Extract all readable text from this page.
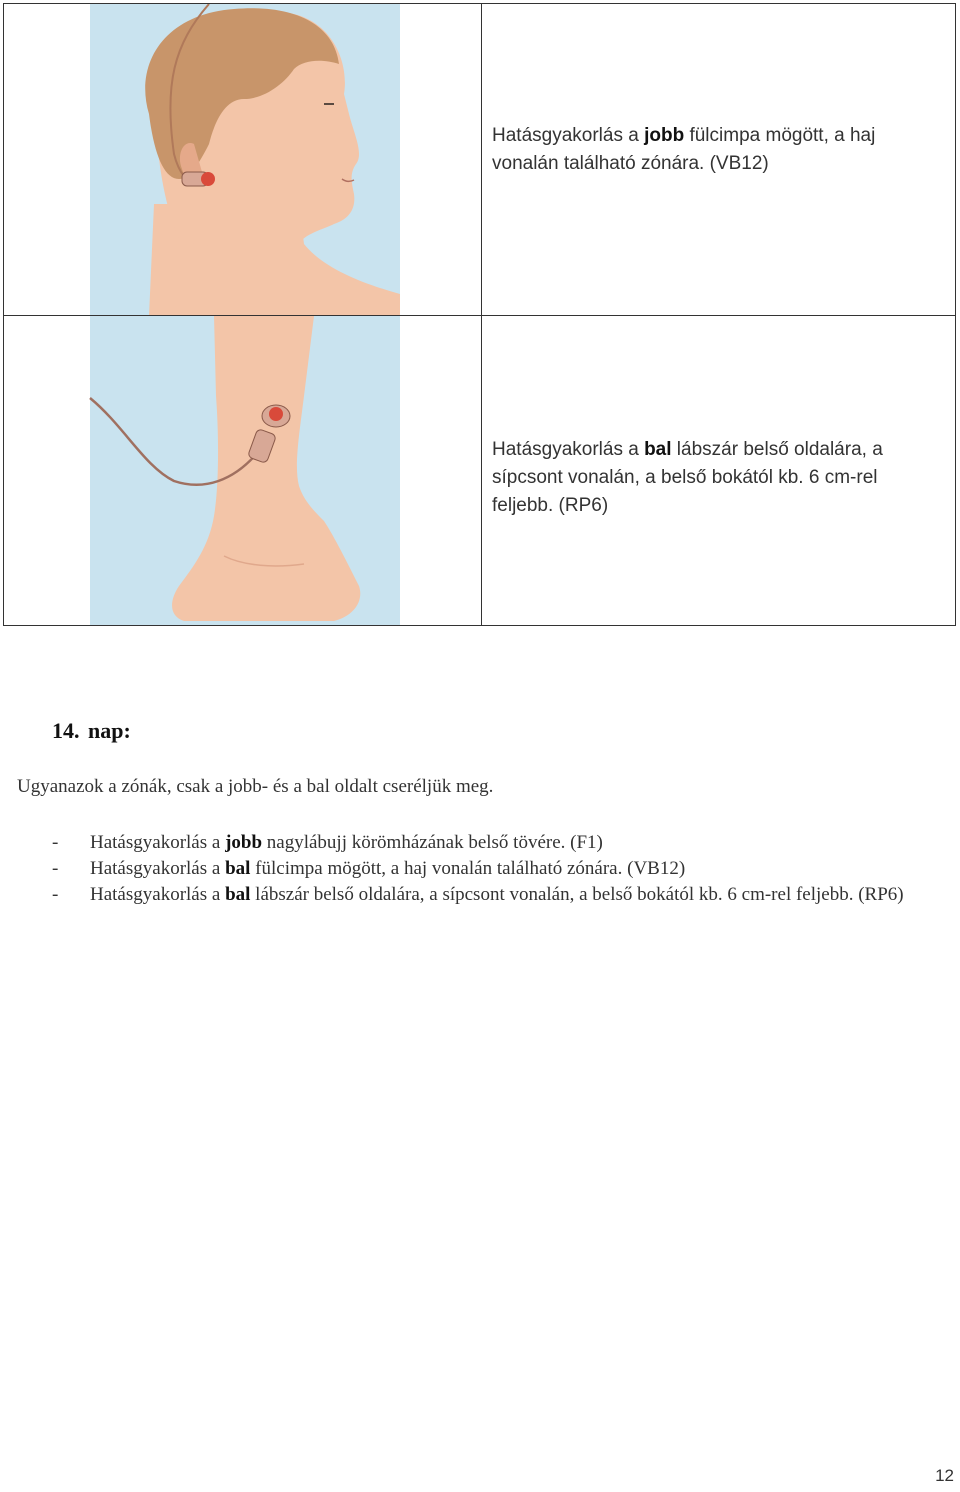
Hatásgyakorlás a jobb fülcimpa mögött, a haj vonalán található zónára. (VB12)
Hatásgyakorlás a bal lábszár belső oldalára, a sípcsont vonalán, a belső bokától kb. 6 cm-rel feljebb. (RP6)
14. nap:
Ugyanazok a zónák, csak a jobb- és a bal oldalt cseréljük meg.
- Hatásgyakorlás a jobb nagylábujj körömházának belső tövére. (F1)
- Hatásgyakorlás a bal fülcimpa mögött, a haj vonalán található zónára. (VB12)
- Hatásgyakorlás a bal lábszár belső oldalára, a sípcsont vonalán, a belső bokától kb. 6 cm-rel feljebb. (RP6)
12
